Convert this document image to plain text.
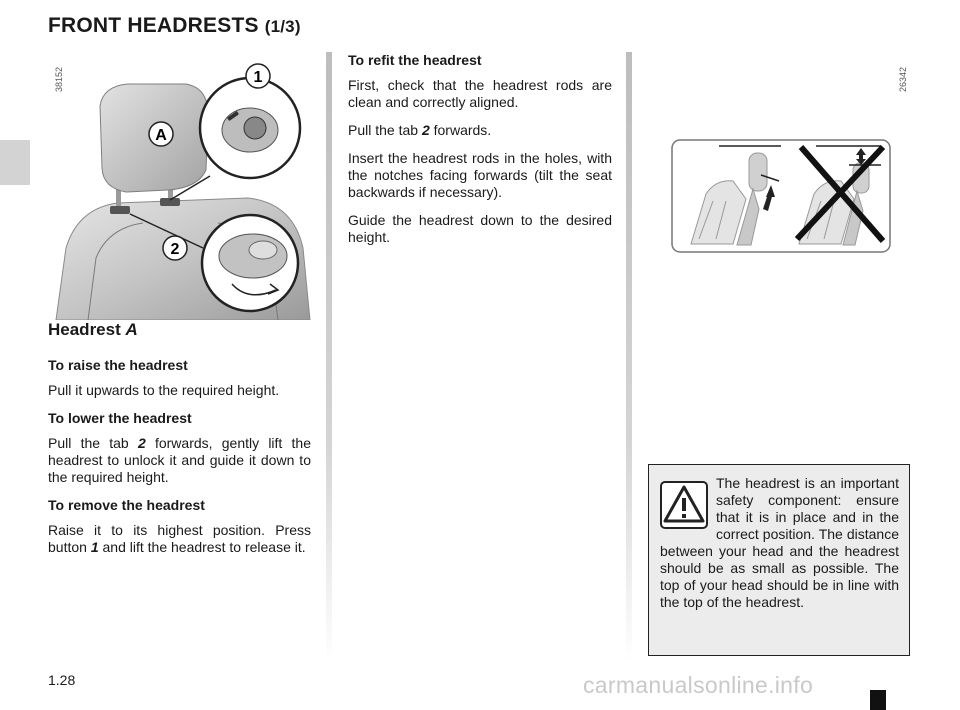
FRONT HEADRESTS (1/3)
38152	26342
1
A
2
Headrest A
To raise the headrest

Pull it upwards to the required height.

To lower the headrest

Pull the tab 2 forwards, gently lift the headrest to unlock it and guide it down to the required height.

To remove the headrest

Raise it to its highest position. Press button 1 and lift the headrest to release it.

To refit the headrest

First, check that the headrest rods are clean and correctly aligned.

Pull the tab 2 forwards.

Insert the headrest rods in the holes, with the notches facing forwards (tilt the seat backwards if necessary).

Guide the headrest down to the desired height.

The headrest is an important safety component: ensure that it is in place and in the correct position. The distance between your head and the headrest should be as small as possible. The top of your head should be in line with the top of the headrest.

1.28	carmanualsonline.info
